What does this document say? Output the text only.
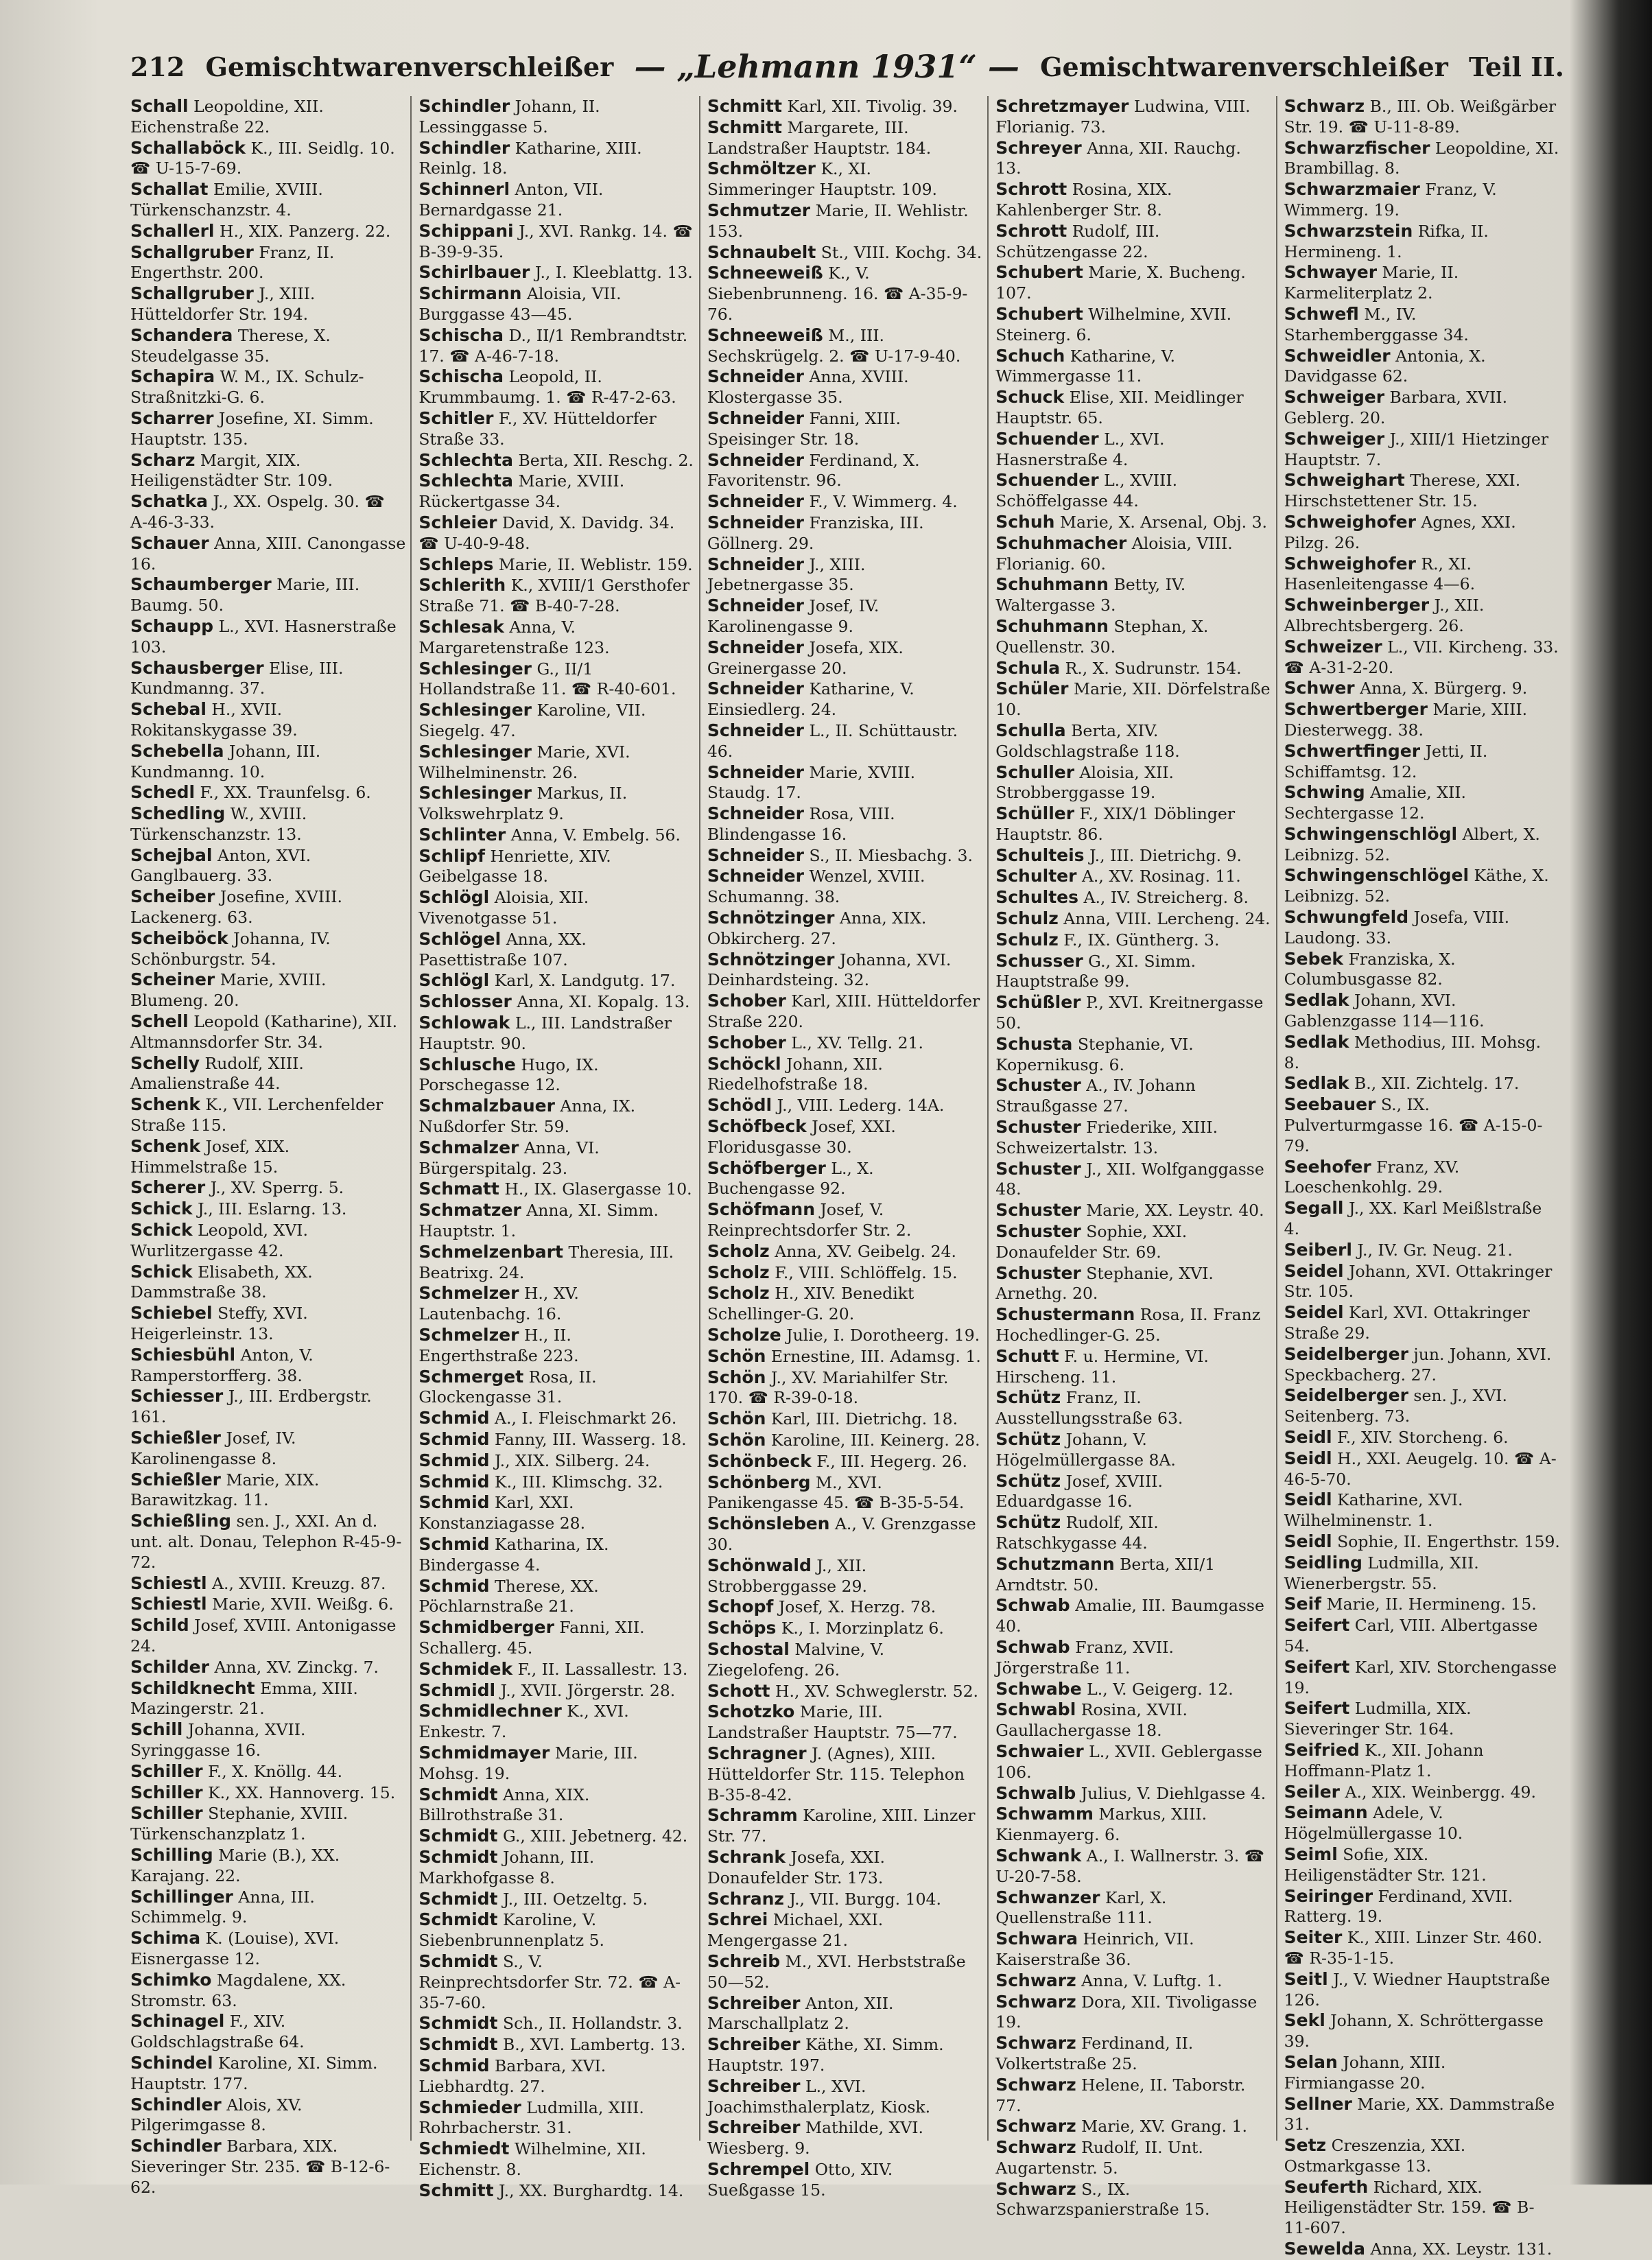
212 Gemischtwarenverschleißer — „Lehmann 1931“ — Gemischtwarenverschleißer Teil II.
Schall Leopoldine, XII. Eichenstraße 22.
Schallaböck K., III. Seidlg. 10. ☎ U-15-7-69.
Schallat Emilie, XVIII. Türkenschanzstr. 4.
Schallerl H., XIX. Panzerg. 22.
Schallgruber Franz, II. Engerthstr. 200.
Schallgruber J., XIII. Hütteldorfer Str. 194.
Schandera Therese, X. Steudelgasse 35.
Schapira W. M., IX. Schulz-Straßnitzki-G. 6.
Scharrer Josefine, XI. Simm. Hauptstr. 135.
Scharz Margit, XIX. Heiligenstädter Str. 109.
Schatka J., XX. Ospelg. 30. ☎ A-46-3-33.
Schauer Anna, XIII. Canongasse 16.
Schaumberger Marie, III. Baumg. 50.
Schaupp L., XVI. Hasnerstraße 103.
Schausberger Elise, III. Kundmanng. 37.
Schebal H., XVII. Rokitanskygasse 39.
Schebella Johann, III. Kundmanng. 10.
Schedl F., XX. Traunfelsg. 6.
Schedling W., XVIII. Türkenschanzstr. 13.
Schejbal Anton, XVI. Ganglbauerg. 33.
Scheiber Josefine, XVIII. Lackenerg. 63.
Scheiböck Johanna, IV. Schönburgstr. 54.
Scheiner Marie, XVIII. Blumeng. 20.
Schell Leopold (Katharine), XII. Altmannsdorfer Str. 34.
Schelly Rudolf, XIII. Amalienstraße 44.
Schenk K., VII. Lerchenfelder Straße 115.
Schenk Josef, XIX. Himmelstraße 15.
Scherer J., XV. Sperrg. 5.
Schick J., III. Eslarng. 13.
Schick Leopold, XVI. Wurlitzergasse 42.
Schick Elisabeth, XX. Dammstraße 38.
Schiebel Steffy, XVI. Heigerleinstr. 13.
Schiesbühl Anton, V. Ramperstorfferg. 38.
Schiesser J., III. Erdbergstr. 161.
Schießler Josef, IV. Karolinengasse 8.
Schießler Marie, XIX. Barawitzkag. 11.
Schießling sen. J., XXI. An d. unt. alt. Donau, Telephon R-45-9-72.
Schiestl A., XVIII. Kreuzg. 87.
Schiestl Marie, XVII. Weißg. 6.
Schild Josef, XVIII. Antonigasse 24.
Schilder Anna, XV. Zinckg. 7.
Schildknecht Emma, XIII. Mazingerstr. 21.
Schill Johanna, XVII. Syringgasse 16.
Schiller F., X. Knöllg. 44.
Schiller K., XX. Hannoverg. 15.
Schiller Stephanie, XVIII. Türkenschanzplatz 1.
Schilling Marie (B.), XX. Karajang. 22.
Schillinger Anna, III. Schimmelg. 9.
Schima K. (Louise), XVI. Eisnergasse 12.
Schimko Magdalene, XX. Stromstr. 63.
Schinagel F., XIV. Goldschlagstraße 64.
Schindel Karoline, XI. Simm. Hauptstr. 177.
Schindler Alois, XV. Pilgerimgasse 8.
Schindler Barbara, XIX. Sieveringer Str. 235. ☎ B-12-6-62.
Schindler Johann, II. Lessinggasse 5.
Schindler Katharine, XIII. Reinlg. 18.
Schinnerl Anton, VII. Bernardgasse 21.
Schippani J., XVI. Rankg. 14. ☎ B-39-9-35.
Schirlbauer J., I. Kleeblattg. 13.
Schirmann Aloisia, VII. Burggasse 43—45.
Schischa D., II/1 Rembrandtstr. 17. ☎ A-46-7-18.
Schischa Leopold, II. Krummbaumg. 1. ☎ R-47-2-63.
Schitler F., XV. Hütteldorfer Straße 33.
Schlechta Berta, XII. Reschg. 2.
Schlechta Marie, XVIII. Rückertgasse 34.
Schleier David, X. Davidg. 34. ☎ U-40-9-48.
Schleps Marie, II. Weblistr. 159.
Schlerith K., XVIII/1 Gersthofer Straße 71. ☎ B-40-7-28.
Schlesak Anna, V. Margaretenstraße 123.
Schlesinger G., II/1 Hollandstraße 11. ☎ R-40-601.
Schlesinger Karoline, VII. Siegelg. 47.
Schlesinger Marie, XVI. Wilhelminenstr. 26.
Schlesinger Markus, II. Volkswehrplatz 9.
Schlinter Anna, V. Embelg. 56.
Schlipf Henriette, XIV. Geibelgasse 18.
Schlögl Aloisia, XII. Vivenotgasse 51.
Schlögel Anna, XX. Pasettistraße 107.
Schlögl Karl, X. Landgutg. 17.
Schlosser Anna, XI. Kopalg. 13.
Schlowak L., III. Landstraßer Hauptstr. 90.
Schlusche Hugo, IX. Porschegasse 12.
Schmalzbauer Anna, IX. Nußdorfer Str. 59.
Schmalzer Anna, VI. Bürgerspitalg. 23.
Schmatt H., IX. Glasergasse 10.
Schmatzer Anna, XI. Simm. Hauptstr. 1.
Schmelzenbart Theresia, III. Beatrixg. 24.
Schmelzer H., XV. Lautenbachg. 16.
Schmelzer H., II. Engerthstraße 223.
Schmerget Rosa, II. Glockengasse 31.
Schmid A., I. Fleischmarkt 26.
Schmid Fanny, III. Wasserg. 18.
Schmid J., XIX. Silberg. 24.
Schmid K., III. Klimschg. 32.
Schmid Karl, XXI. Konstanziagasse 28.
Schmid Katharina, IX. Bindergasse 4.
Schmid Therese, XX. Pöchlarnstraße 21.
Schmidberger Fanni, XII. Schallerg. 45.
Schmidek F., II. Lassallestr. 13.
Schmidl J., XVII. Jörgerstr. 28.
Schmidlechner K., XVI. Enkestr. 7.
Schmidmayer Marie, III. Mohsg. 19.
Schmidt Anna, XIX. Billrothstraße 31.
Schmidt G., XIII. Jebetnerg. 42.
Schmidt Johann, III. Markhofgasse 8.
Schmidt J., III. Oetzeltg. 5.
Schmidt Karoline, V. Siebenbrunnenplatz 5.
Schmidt S., V. Reinprechtsdorfer Str. 72. ☎ A-35-7-60.
Schmidt Sch., II. Hollandstr. 3.
Schmidt B., XVI. Lambertg. 13.
Schmid Barbara, XVI. Liebhardtg. 27.
Schmieder Ludmilla, XIII. Rohrbacherstr. 31.
Schmiedt Wilhelmine, XII. Eichenstr. 8.
Schmitt J., XX. Burghardtg. 14.
Schmitt Karl, XII. Tivolig. 39.
Schmitt Margarete, III. Landstraßer Hauptstr. 184.
Schmöltzer K., XI. Simmeringer Hauptstr. 109.
Schmutzer Marie, II. Wehlistr. 153.
Schnaubelt St., VIII. Kochg. 34.
Schneeweiß K., V. Siebenbrunneng. 16. ☎ A-35-9-76.
Schneeweiß M., III. Sechskrügelg. 2. ☎ U-17-9-40.
Schneider Anna, XVIII. Klostergasse 35.
Schneider Fanni, XIII. Speisinger Str. 18.
Schneider Ferdinand, X. Favoritenstr. 96.
Schneider F., V. Wimmerg. 4.
Schneider Franziska, III. Göllnerg. 29.
Schneider J., XIII. Jebetnergasse 35.
Schneider Josef, IV. Karolinengasse 9.
Schneider Josefa, XIX. Greinergasse 20.
Schneider Katharine, V. Einsiedlerg. 24.
Schneider L., II. Schüttaustr. 46.
Schneider Marie, XVIII. Staudg. 17.
Schneider Rosa, VIII. Blindengasse 16.
Schneider S., II. Miesbachg. 3.
Schneider Wenzel, XVIII. Schumanng. 38.
Schnötzinger Anna, XIX. Obkircherg. 27.
Schnötzinger Johanna, XVI. Deinhardsteing. 32.
Schober Karl, XIII. Hütteldorfer Straße 220.
Schober L., XV. Tellg. 21.
Schöckl Johann, XII. Riedelhofstraße 18.
Schödl J., VIII. Lederg. 14A.
Schöfbeck Josef, XXI. Floridusgasse 30.
Schöfberger L., X. Buchengasse 92.
Schöfmann Josef, V. Reinprechtsdorfer Str. 2.
Scholz Anna, XV. Geibelg. 24.
Scholz F., VIII. Schlöffelg. 15.
Scholz H., XIV. Benedikt Schellinger-G. 20.
Scholze Julie, I. Dorotheerg. 19.
Schön Ernestine, III. Adamsg. 1.
Schön J., XV. Mariahilfer Str. 170. ☎ R-39-0-18.
Schön Karl, III. Dietrichg. 18.
Schön Karoline, III. Keinerg. 28.
Schönbeck F., III. Hegerg. 26.
Schönberg M., XVI. Panikengasse 45. ☎ B-35-5-54.
Schönsleben A., V. Grenzgasse 30.
Schönwald J., XII. Strobberggasse 29.
Schopf Josef, X. Herzg. 78.
Schöps K., I. Morzinplatz 6.
Schostal Malvine, V. Ziegelofeng. 26.
Schott H., XV. Schweglerstr. 52.
Schotzko Marie, III. Landstraßer Hauptstr. 75—77.
Schragner J. (Agnes), XIII. Hütteldorfer Str. 115. Telephon B-35-8-42.
Schramm Karoline, XIII. Linzer Str. 77.
Schrank Josefa, XXI. Donaufelder Str. 173.
Schranz J., VII. Burgg. 104.
Schrei Michael, XXI. Mengergasse 21.
Schreib M., XVI. Herbststraße 50—52.
Schreiber Anton, XII. Marschallplatz 2.
Schreiber Käthe, XI. Simm. Hauptstr. 197.
Schreiber L., XVI. Joachimsthalerplatz, Kiosk.
Schreiber Mathilde, XVI. Wiesberg. 9.
Schrempel Otto, XIV. Sueßgasse 15.
Schretzmayer Ludwina, VIII. Florianig. 73.
Schreyer Anna, XII. Rauchg. 13.
Schrott Rosina, XIX. Kahlenberger Str. 8.
Schrott Rudolf, III. Schützengasse 22.
Schubert Marie, X. Bucheng. 107.
Schubert Wilhelmine, XVII. Steinerg. 6.
Schuch Katharine, V. Wimmergasse 11.
Schuck Elise, XII. Meidlinger Hauptstr. 65.
Schuender L., XVI. Hasnerstraße 4.
Schuender L., XVIII. Schöffelgasse 44.
Schuh Marie, X. Arsenal, Obj. 3.
Schuhmacher Aloisia, VIII. Florianig. 60.
Schuhmann Betty, IV. Waltergasse 3.
Schuhmann Stephan, X. Quellenstr. 30.
Schula R., X. Sudrunstr. 154.
Schüler Marie, XII. Dörfelstraße 10.
Schulla Berta, XIV. Goldschlagstraße 118.
Schuller Aloisia, XII. Strobberggasse 19.
Schüller F., XIX/1 Döblinger Hauptstr. 86.
Schulteis J., III. Dietrichg. 9.
Schulter A., XV. Rosinag. 11.
Schultes A., IV. Streicherg. 8.
Schulz Anna, VIII. Lercheng. 24.
Schulz F., IX. Güntherg. 3.
Schusser G., XI. Simm. Hauptstraße 99.
Schüßler P., XVI. Kreitnergasse 50.
Schusta Stephanie, VI. Kopernikusg. 6.
Schuster A., IV. Johann Straußgasse 27.
Schuster Friederike, XIII. Schweizertalstr. 13.
Schuster J., XII. Wolfganggasse 48.
Schuster Marie, XX. Leystr. 40.
Schuster Sophie, XXI. Donaufelder Str. 69.
Schuster Stephanie, XVI. Arnethg. 20.
Schustermann Rosa, II. Franz Hochedlinger-G. 25.
Schutt F. u. Hermine, VI. Hirscheng. 11.
Schütz Franz, II. Ausstellungsstraße 63.
Schütz Johann, V. Högelmüllergasse 8A.
Schütz Josef, XVIII. Eduardgasse 16.
Schütz Rudolf, XII. Ratschkygasse 44.
Schutzmann Berta, XII/1 Arndtstr. 50.
Schwab Amalie, III. Baumgasse 40.
Schwab Franz, XVII. Jörgerstraße 11.
Schwabe L., V. Geigerg. 12.
Schwabl Rosina, XVII. Gaullachergasse 18.
Schwaier L., XVII. Geblergasse 106.
Schwalb Julius, V. Diehlgasse 4.
Schwamm Markus, XIII. Kienmayerg. 6.
Schwank A., I. Wallnerstr. 3. ☎ U-20-7-58.
Schwanzer Karl, X. Quellenstraße 111.
Schwara Heinrich, VII. Kaiserstraße 36.
Schwarz Anna, V. Luftg. 1.
Schwarz Dora, XII. Tivoligasse 19.
Schwarz Ferdinand, II. Volkertstraße 25.
Schwarz Helene, II. Taborstr. 77.
Schwarz Marie, XV. Grang. 1.
Schwarz Rudolf, II. Unt. Augartenstr. 5.
Schwarz S., IX. Schwarzspanierstraße 15.
Schwarz B., III. Ob. Weißgärber Str. 19. ☎ U-11-8-89.
Schwarzfischer Leopoldine, XI. Brambillag. 8.
Schwarzmaier Franz, V. Wimmerg. 19.
Schwarzstein Rifka, II. Hermineng. 1.
Schwayer Marie, II. Karmeliterplatz 2.
Schwefl M., IV. Starhemberggasse 34.
Schweidler Antonia, X. Davidgasse 62.
Schweiger Barbara, XVII. Geblerg. 20.
Schweiger J., XIII/1 Hietzinger Hauptstr. 7.
Schweighart Therese, XXI. Hirschstettener Str. 15.
Schweighofer Agnes, XXI. Pilzg. 26.
Schweighofer R., XI. Hasenleitengasse 4—6.
Schweinberger J., XII. Albrechtsbergerg. 26.
Schweizer L., VII. Kircheng. 33. ☎ A-31-2-20.
Schwer Anna, X. Bürgerg. 9.
Schwertberger Marie, XIII. Diesterwegg. 38.
Schwertfinger Jetti, II. Schiffamtsg. 12.
Schwing Amalie, XII. Sechtergasse 12.
Schwingenschlögl Albert, X. Leibnizg. 52.
Schwingenschlögel Käthe, X. Leibnizg. 52.
Schwungfeld Josefa, VIII. Laudong. 33.
Sebek Franziska, X. Columbusgasse 82.
Sedlak Johann, XVI. Gablenzgasse 114—116.
Sedlak Methodius, III. Mohsg. 8.
Sedlak B., XII. Zichtelg. 17.
Seebauer S., IX. Pulverturmgasse 16. ☎ A-15-0-79.
Seehofer Franz, XV. Loeschenkohlg. 29.
Segall J., XX. Karl Meißlstraße 4.
Seiberl J., IV. Gr. Neug. 21.
Seidel Johann, XVI. Ottakringer Str. 105.
Seidel Karl, XVI. Ottakringer Straße 29.
Seidelberger jun. Johann, XVI. Speckbacherg. 27.
Seidelberger sen. J., XVI. Seitenberg. 73.
Seidl F., XIV. Storcheng. 6.
Seidl H., XXI. Aeugelg. 10. ☎ A-46-5-70.
Seidl Katharine, XVI. Wilhelminenstr. 1.
Seidl Sophie, II. Engerthstr. 159.
Seidling Ludmilla, XII. Wienerbergstr. 55.
Seif Marie, II. Hermineng. 15.
Seifert Carl, VIII. Albertgasse 54.
Seifert Karl, XIV. Storchengasse 19.
Seifert Ludmilla, XIX. Sieveringer Str. 164.
Seifried K., XII. Johann Hoffmann-Platz 1.
Seiler A., XIX. Weinbergg. 49.
Seimann Adele, V. Högelmüllergasse 10.
Seiml Sofie, XIX. Heiligenstädter Str. 121.
Seiringer Ferdinand, XVII. Ratterg. 19.
Seiter K., XIII. Linzer Str. 460. ☎ R-35-1-15.
Seitl J., V. Wiedner Hauptstraße 126.
Sekl Johann, X. Schröttergasse 39.
Selan Johann, XIII. Firmiangasse 20.
Sellner Marie, XX. Dammstraße 31.
Setz Creszenzia, XXI. Ostmarkgasse 13.
Seuferth Richard, XIX. Heiligenstädter Str. 159. ☎ B-11-607.
Sewelda Anna, XX. Leystr. 131.
